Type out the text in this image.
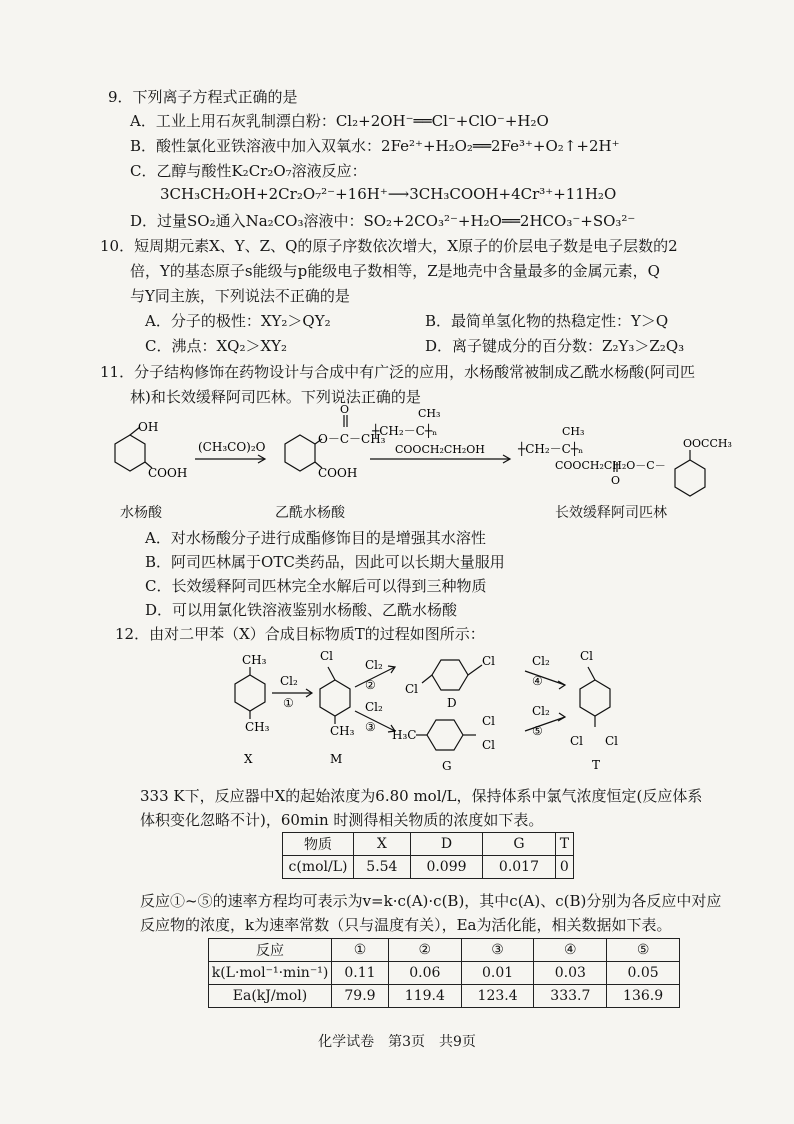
9．下列离子方程式正确的是
A．工业上用石灰乳制漂白粉：Cl₂+2OH⁻══Cl⁻+ClO⁻+H₂O
B．酸性氯化亚铁溶液中加入双氧水：2Fe²⁺+H₂O₂══2Fe³⁺+O₂↑+2H⁺
C．乙醇与酸性K₂Cr₂O₇溶液反应：
3CH₃CH₂OH+2Cr₂O₇²⁻+16H⁺⟶3CH₃COOH+4Cr³⁺+11H₂O
D．过量SO₂通入Na₂CO₃溶液中：SO₂+2CO₃²⁻+H₂O══2HCO₃⁻+SO₃²⁻
10．短周期元素X、Y、Z、Q的原子序数依次增大，X原子的价层电子数是电子层数的2
倍，Y的基态原子s能级与p能级电子数相等，Z是地壳中含量最多的金属元素，Q
与Y同主族，下列说法不正确的是
A．分子的极性：XY₂＞QY₂	B．最简单氢化物的热稳定性：Y＞Q
C．沸点：XQ₂＞XY₂	D．离子键成分的百分数：Z₂Y₃＞Z₂Q₃
11．分子结构修饰在药物设计与合成中有广泛的应用，水杨酸常被制成乙酰水杨酸(阿司匹
林)和长效缓释阿司匹林。下列说法正确的是
OH
COOH
(CH₃CO)₂O
O－C－CH₃
O
COOH
CH₃
┼CH₂－C┼ₙ
COOCH₂CH₂OH
CH₃
┼CH₂－C┼ₙ
COOCH₂CH₂O－C－
O
OOCCH₃
水杨酸	乙酰水杨酸	长效缓释阿司匹林
A．对水杨酸分子进行成酯修饰目的是增强其水溶性
B．阿司匹林属于OTC类药品，因此可以长期大量服用
C．长效缓释阿司匹林完全水解后可以得到三种物质
D．可以用氯化铁溶液鉴别水杨酸、乙酰水杨酸
12．由对二甲苯（X）合成目标物质T的过程如图所示：
CH₃
CH₃
X
Cl₂
①
Cl
CH₃
M
Cl₂
②
Cl₂
③
Cl
Cl
D
H₃C
Cl
Cl
G
Cl₂
④
Cl₂
⑤
Cl
Cl Cl
T
333 K下，反应器中X的起始浓度为6.80 mol/L，保持体系中氯气浓度恒定(反应体系
体积变化忽略不计)，60min 时测得相关物质的浓度如下表。
物质	X	D	G	T
c(mol/L)	5.54	0.099	0.017	0
反应①~⑤的速率方程均可表示为v=k·c(A)·c(B)，其中c(A)、c(B)分别为各反应中对应
反应物的浓度，k为速率常数（只与温度有关），Ea为活化能，相关数据如下表。
反应	①	②	③	④	⑤
k(L·mol⁻¹·min⁻¹)	0.11	0.06	0.01	0.03	0.05
Ea(kJ/mol)	79.9	119.4	123.4	333.7	136.9
化学试卷　第3页　共9页
